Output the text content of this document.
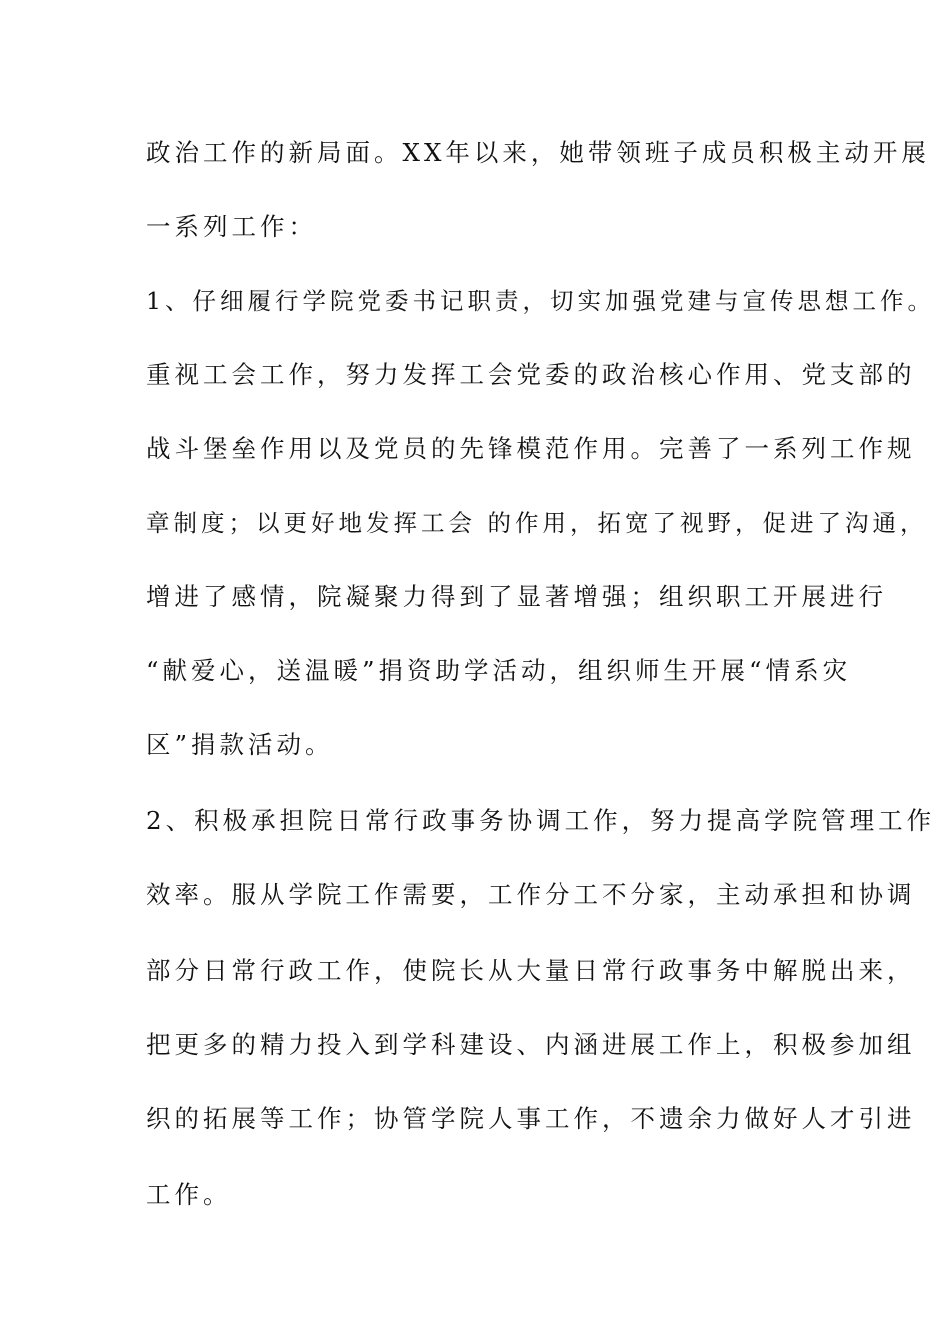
政治工作的新局面。XX年以来，她带领班子成员积极主动开展

一系列工作：

1、仔细履行学院党委书记职责，切实加强党建与宣传思想工作。

重视工会工作，努力发挥工会党委的政治核心作用、党支部的

战斗堡垒作用以及党员的先锋模范作用。完善了一系列工作规

章制度；以更好地发挥工会 的作用，拓宽了视野，促进了沟通，

增进了感情，院凝聚力得到了显著增强；组织职工开展进行

“献爱心，送温暖”捐资助学活动，组织师生开展“情系灾

区”捐款活动。

2、积极承担院日常行政事务协调工作，努力提高学院管理工作

效率。服从学院工作需要，工作分工不分家，主动承担和协调

部分日常行政工作，使院长从大量日常行政事务中解脱出来，

把更多的精力投入到学科建设、内涵进展工作上，积极参加组

织的拓展等工作；协管学院人事工作，不遗余力做好人才引进

工作。
